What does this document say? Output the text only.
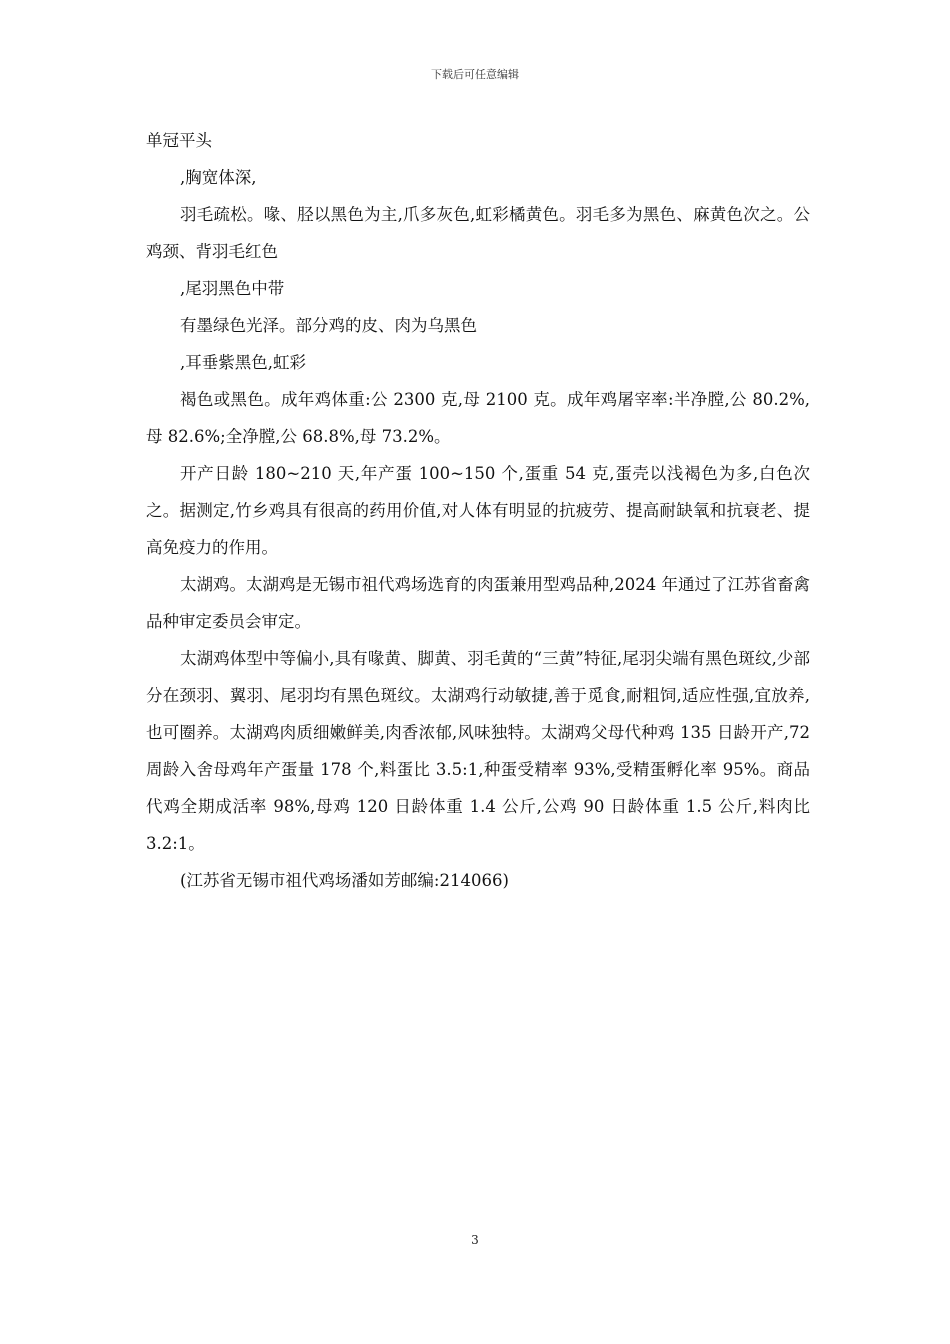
下载后可任意编辑

单冠平头

,胸宽体深,

羽毛疏松。喙、胫以黑色为主,爪多灰色,虹彩橘黄色。羽毛多为黑色、麻黄色次之。公鸡颈、背羽毛红色

,尾羽黑色中带

有墨绿色光泽。部分鸡的皮、肉为乌黑色

,耳垂紫黑色,虹彩

褐色或黑色。成年鸡体重:公 2300 克,母 2100 克。成年鸡屠宰率:半净膛,公 80.2%,母 82.6%;全净膛,公 68.8%,母 73.2%。

开产日龄 180~210 天,年产蛋 100~150 个,蛋重 54 克,蛋壳以浅褐色为多,白色次之。据测定,竹乡鸡具有很高的药用价值,对人体有明显的抗疲劳、提高耐缺氧和抗衰老、提高免疫力的作用。

太湖鸡。太湖鸡是无锡市祖代鸡场选育的肉蛋兼用型鸡品种,2024 年通过了江苏省畜禽品种审定委员会审定。

太湖鸡体型中等偏小,具有喙黄、脚黄、羽毛黄的“三黄”特征,尾羽尖端有黑色斑纹,少部分在颈羽、翼羽、尾羽均有黑色斑纹。太湖鸡行动敏捷,善于觅食,耐粗饲,适应性强,宜放养,也可圈养。太湖鸡肉质细嫩鲜美,肉香浓郁,风味独特。太湖鸡父母代种鸡 135 日龄开产,72 周龄入舍母鸡年产蛋量 178 个,料蛋比 3.5:1,种蛋受精率 93%,受精蛋孵化率 95%。商品代鸡全期成活率 98%,母鸡 120 日龄体重 1.4 公斤,公鸡 90 日龄体重 1.5 公斤,料肉比 3.2:1。

(江苏省无锡市祖代鸡场潘如芳邮编:214066)

3
